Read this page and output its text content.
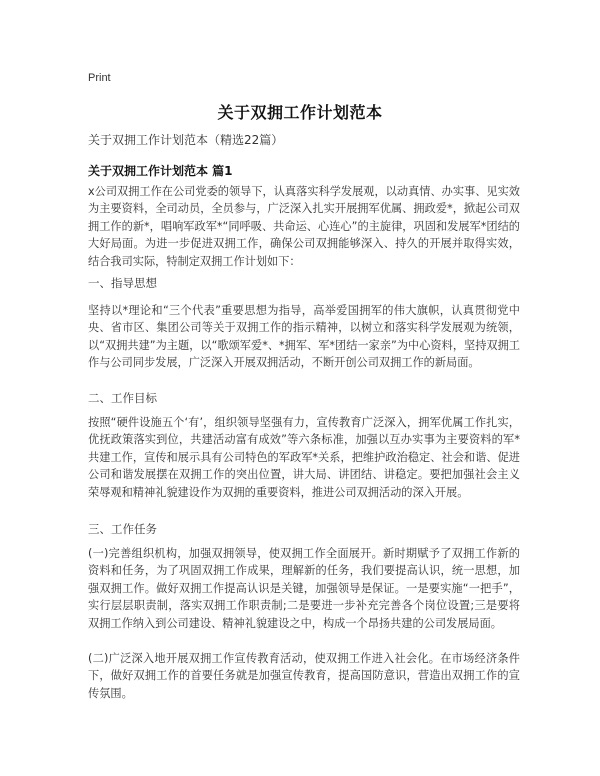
Print
关于双拥工作计划范本
关于双拥工作计划范本（精选22篇）
关于双拥工作计划范本 篇1
x公司双拥工作在公司党委的领导下，认真落实科学发展观，以动真情、办实事、见实效为主要资料，全司动员，全员参与，广泛深入扎实开展拥军优属、拥政爱*，掀起公司双拥工作的新*，唱响军政军*“同呼吸、共命运、心连心”的主旋律，巩固和发展军*团结的大好局面。为进一步促进双拥工作，确保公司双拥能够深入、持久的开展并取得实效，结合我司实际，特制定双拥工作计划如下：
一、指导思想
坚持以*理论和“三个代表”重要思想为指导，高举爱国拥军的伟大旗帜，认真贯彻党中央、省市区、集团公司等关于双拥工作的指示精神，以树立和落实科学发展观为统领，以“双拥共建”为主题，以“歌颂军爱*、*拥军、军*团结一家亲”为中心资料，坚持双拥工作与公司同步发展，广泛深入开展双拥活动，不断开创公司双拥工作的新局面。
二、工作目标
按照“硬件设施五个‘有’，组织领导坚强有力，宣传教育广泛深入，拥军优属工作扎实，优抚政策落实到位，共建活动富有成效”等六条标准，加强以互办实事为主要资料的军*共建工作，宣传和展示具有公司特色的军政军*关系，把维护政治稳定、社会和谐、促进公司和谐发展摆在双拥工作的突出位置，讲大局、讲团结、讲稳定。要把加强社会主义荣辱观和精神礼貌建设作为双拥的重要资料，推进公司双拥活动的深入开展。
三、工作任务
(一)完善组织机构，加强双拥领导，使双拥工作全面展开。新时期赋予了双拥工作新的资料和任务，为了巩固双拥工作成果，理解新的任务，我们要提高认识，统一思想，加强双拥工作。做好双拥工作提高认识是关键，加强领导是保证。一是要实施“一把手”，实行层层职责制，落实双拥工作职责制;二是要进一步补充完善各个岗位设置;三是要将双拥工作纳入到公司建设、精神礼貌建设之中，构成一个昂扬共建的公司发展局面。
(二)广泛深入地开展双拥工作宣传教育活动，使双拥工作进入社会化。在市场经济条件下，做好双拥工作的首要任务就是加强宣传教育，提高国防意识，营造出双拥工作的宣传氛围。
